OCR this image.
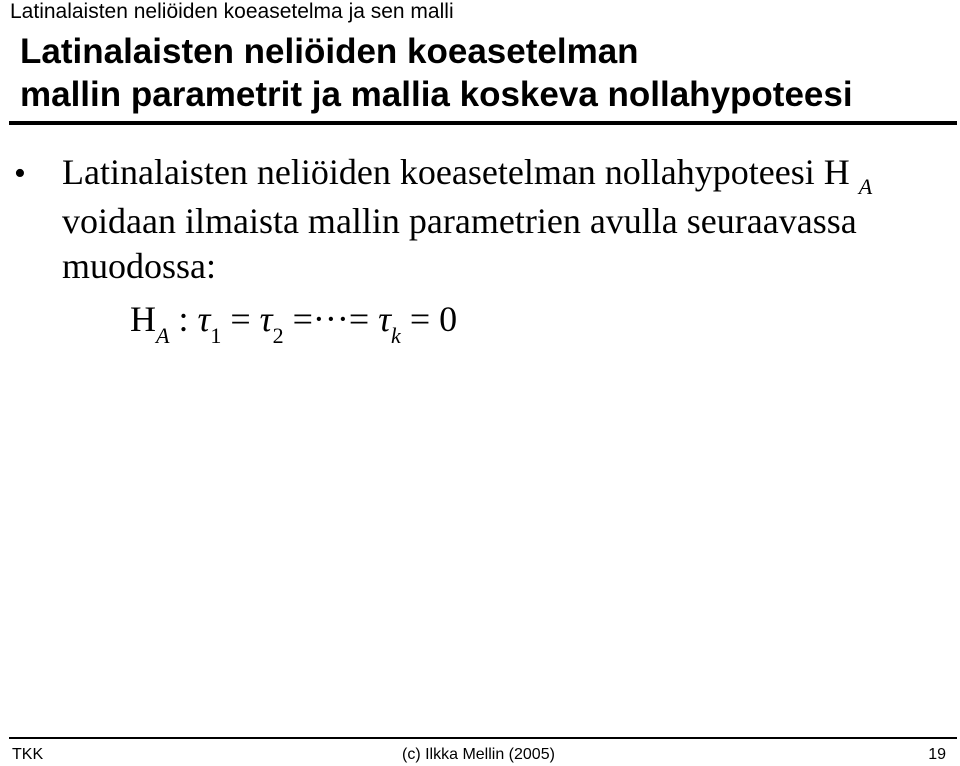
Latinalaisten neliöiden koeasetelma ja sen malli
Latinalaisten neliöiden koeasetelman
mallin parametrit ja mallia koskeva nollahypoteesi
• Latinalaisten neliöiden koeasetelman nollahypoteesi H $_A$
voidaan ilmaista mallin parametrien avulla seuraavassa
muodossa:
$H_A$ : $\tau_1 = \tau_2$ =···= $\tau_k = 0$
TKK	(c) Ilkka Mellin (2005)	19
